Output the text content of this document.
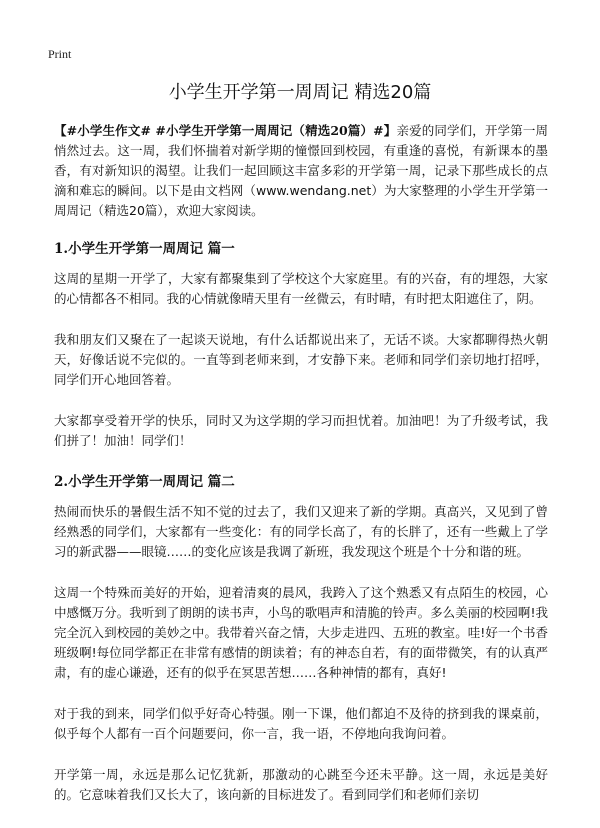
Print
小学生开学第一周周记 精选20篇

【#小学生作文# #小学生开学第一周周记（精选20篇）#】亲爱的同学们，开学第一周悄然过去。这一周，我们怀揣着对新学期的憧憬回到校园，有重逢的喜悦，有新课本的墨香，有对新知识的渴望。让我们一起回顾这丰富多彩的开学第一周，记录下那些成长的点滴和难忘的瞬间。以下是由文档网（www.wendang.net）为大家整理的小学生开学第一周周记（精选20篇），欢迎大家阅读。

1.小学生开学第一周周记 篇一

这周的星期一开学了，大家有都聚集到了学校这个大家庭里。有的兴奋，有的埋怨，大家的心情都各不相同。我的心情就像晴天里有一丝微云，有时晴，有时把太阳遮住了，阴。

我和朋友们又聚在了一起谈天说地，有什么话都说出来了，无话不谈。大家都聊得热火朝天，好像话说不完似的。一直等到老师来到，才安静下来。老师和同学们亲切地打招呼，同学们开心地回答着。

大家都享受着开学的快乐，同时又为这学期的学习而担忧着。加油吧！为了升级考试，我们拼了！加油！同学们！

2.小学生开学第一周周记 篇二

热闹而快乐的暑假生活不知不觉的过去了，我们又迎来了新的学期。真高兴，又见到了曾经熟悉的同学们，大家都有一些变化：有的同学长高了，有的长胖了，还有一些戴上了学习的新武器——眼镜……的变化应该是我调了新班，我发现这个班是个十分和谐的班。

这周一个特殊而美好的开始，迎着清爽的晨风，我跨入了这个熟悉又有点陌生的校园，心中感慨万分。我听到了朗朗的读书声，小鸟的歌唱声和清脆的铃声。多么美丽的校园啊!我完全沉入到校园的美妙之中。我带着兴奋之情，大步走进四、五班的教室。哇!好一个书香班级啊!每位同学都正在非常有感情的朗读着；有的神态自若，有的面带微笑，有的认真严肃，有的虚心谦逊，还有的似乎在冥思苦想……各种神情的都有，真好!

对于我的到来，同学们似乎好奇心特强。刚一下课，他们都迫不及待的挤到我的课桌前，似乎每个人都有一百个问题要问，你一言，我一语，不停地向我询问着。

开学第一周，永远是那么记忆犹新，那激动的心跳至今还未平静。这一周，永远是美好的。它意味着我们又长大了，该向新的目标进发了。看到同学们和老师们亲切
